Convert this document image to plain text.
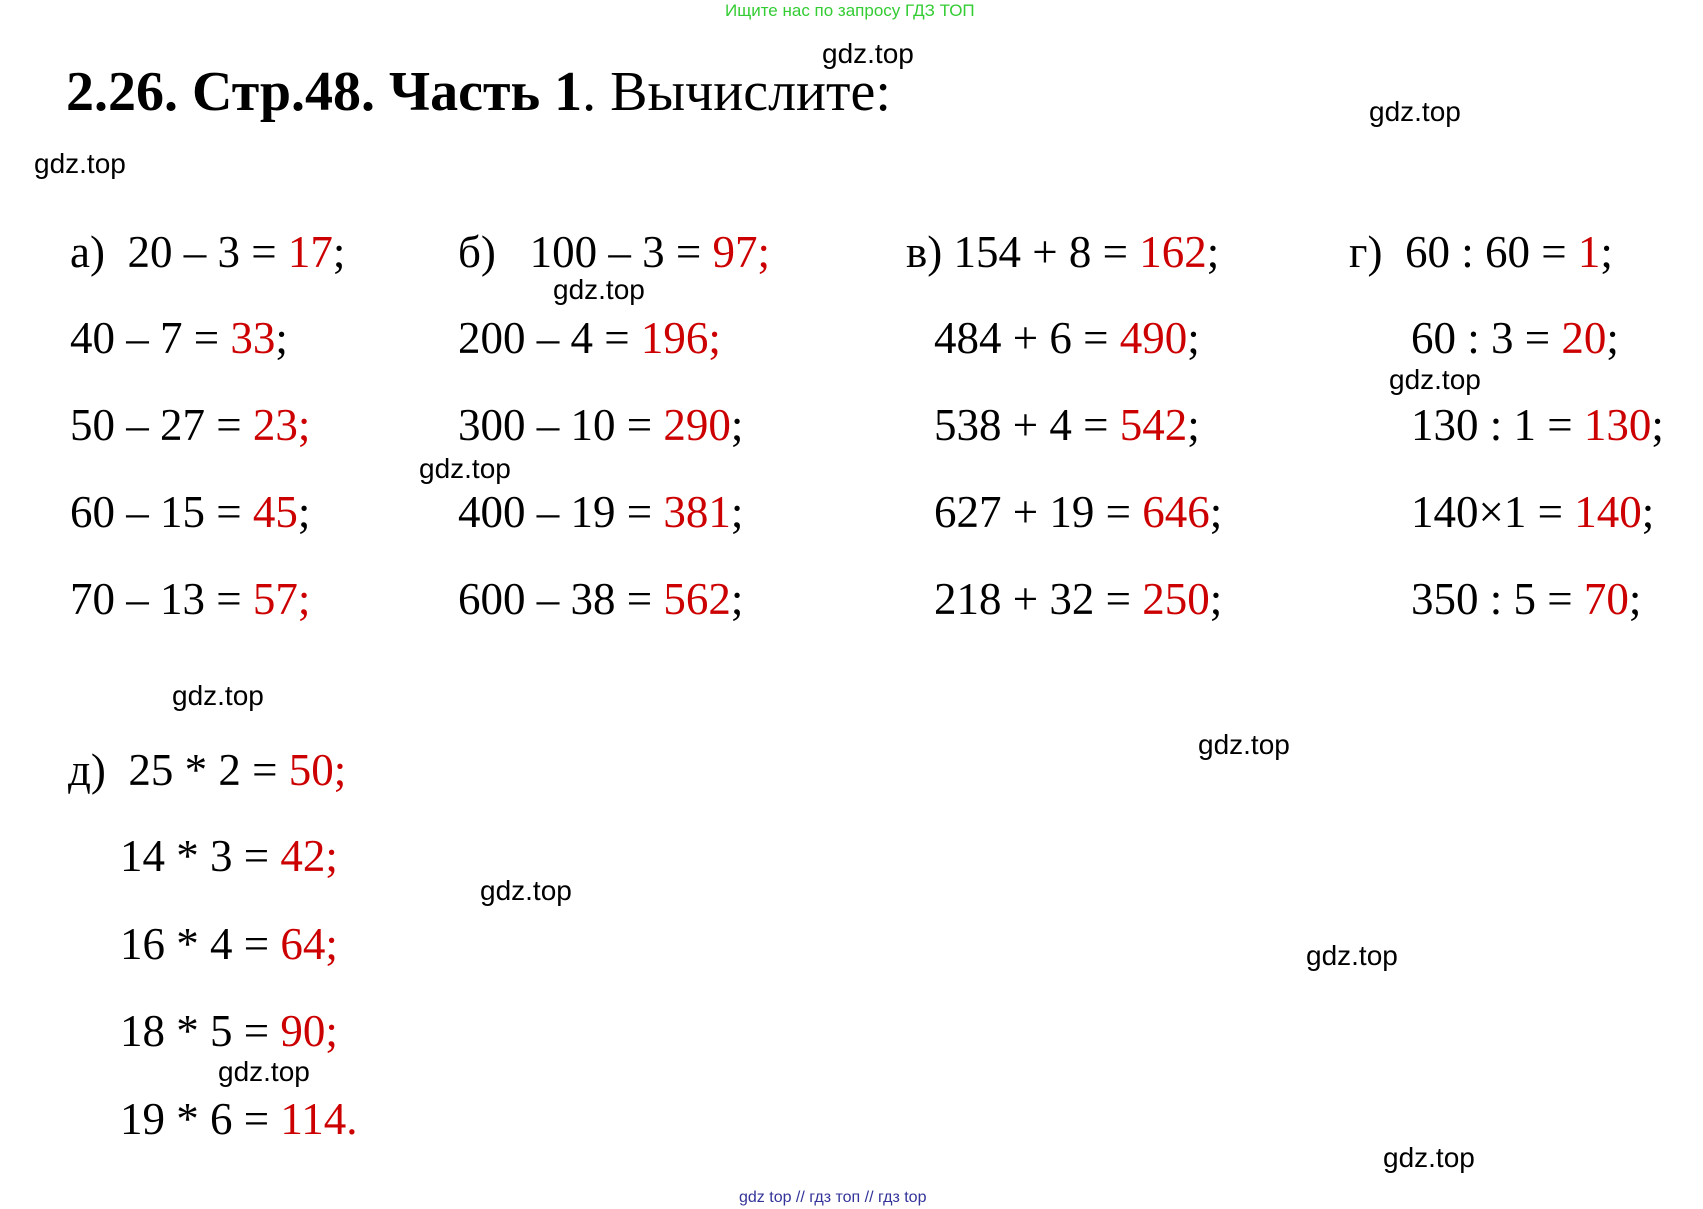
Ищите нас по запросу ГДЗ ТОП
2.26. Стр.48. Часть 1. Вычислите:
gdz.top
gdz.top
gdz.top
gdz.top
gdz.top
gdz.top
gdz.top
gdz.top
gdz.top
gdz.top
gdz.top
gdz.top
а) 20 – 3 = 17;
40 – 7 = 33;
50 – 27 = 23;
60 – 15 = 45;
70 – 13 = 57;
б) 100 – 3 = 97;
200 – 4 = 196;
300 – 10 = 290;
400 – 19 = 381;
600 – 38 = 562;
в) 154 + 8 = 162;
484 + 6 = 490;
538 + 4 = 542;
627 + 19 = 646;
218 + 32 = 250;
г) 60 : 60 = 1;
60 : 3 = 20;
130 : 1 = 130;
140×1 = 140;
350 : 5 = 70;
д) 25 * 2 = 50;
14 * 3 = 42;
16 * 4 = 64;
18 * 5 = 90;
19 * 6 = 114.
gdz top // гдз топ // гдз top
